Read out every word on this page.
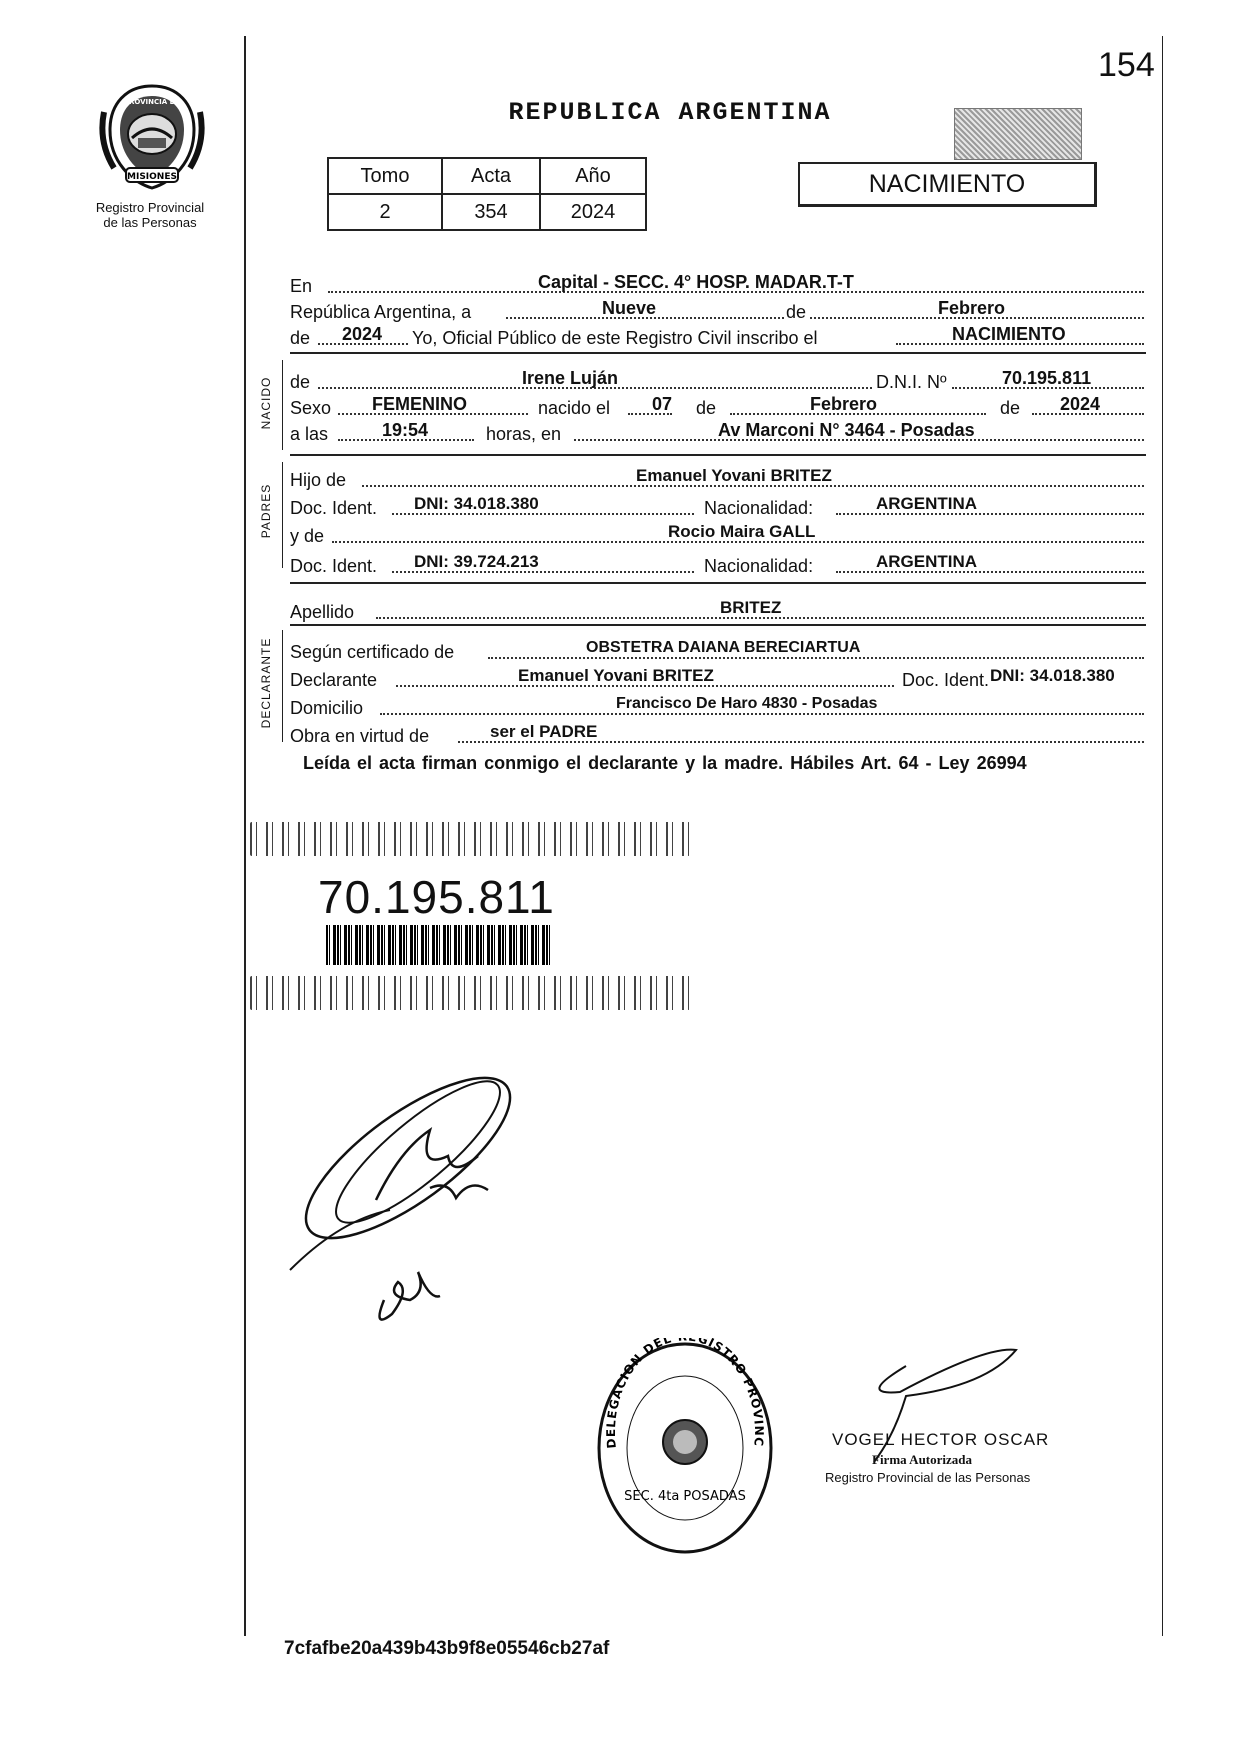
MISIONES
PROVINCIA DE
Registro Provincial
de las Personas
154
REPUBLICA ARGENTINA
Tomo	Acta	Año
2	354	2024
NACIMIENTO
En	Capital - SECC. 4° HOSP. MADAR.T-T
República Argentina, a	Nueve	de	Febrero
de 2024 Yo, Oficial Público de este Registro Civil inscribo el	NACIMIENTO
NACIDO de	Irene Luján	D.N.I. Nº	70.195.811
Sexo FEMENINO	nacido el 07 de	Febrero	de 2024
a las	19:54	horas, en	Av Marconi N° 3464 - Posadas
PADRES
Hijo de	Emanuel Yovani BRITEZ
Doc. Ident. DNI: 34.018.380	Nacionalidad:	ARGENTINA
y de	Rocio Maira GALL
Doc. Ident. DNI: 39.724.213	Nacionalidad:	ARGENTINA
Apellido	BRITEZ
DECLARANTE Según certificado de	OBSTETRA DAIANA BERECIARTUA
Declarante	Emanuel Yovani BRITEZ	Doc. Ident. DNI: 34.018.380
Domicilio	Francisco De Haro 4830 - Posadas
Obra en virtud de	ser el PADRE
Leída el acta firman conmigo el declarante y la madre. Hábiles Art. 64 - Ley 26994
70.195.811
DELEGACION DEL GISTRO PROVINC
SEC. 4ta POSADAS
VOGEL HECTOR OSCAR
Firma Autorizada
Registro Provincial de las Personas
7cfafbe20a439b43b9f8e05546cb27af
